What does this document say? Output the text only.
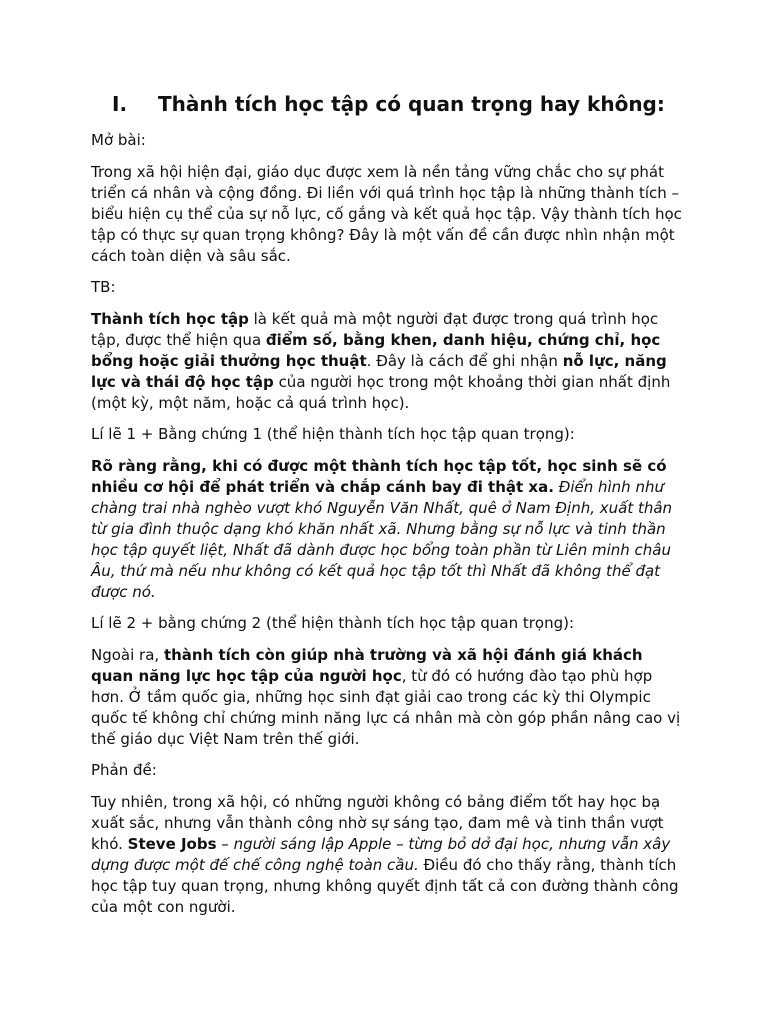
I. Thành tích học tập có quan trọng hay không:

Mở bài:

Trong xã hội hiện đại, giáo dục được xem là nền tảng vững chắc cho sự phát triển cá nhân và cộng đồng. Đi liền với quá trình học tập là những thành tích – biểu hiện cụ thể của sự nỗ lực, cố gắng và kết quả học tập. Vậy thành tích học tập có thực sự quan trọng không? Đây là một vấn đề cần được nhìn nhận một cách toàn diện và sâu sắc.

TB:

Thành tích học tập là kết quả mà một người đạt được trong quá trình học tập, được thể hiện qua điểm số, bằng khen, danh hiệu, chứng chỉ, học bổng hoặc giải thưởng học thuật. Đây là cách để ghi nhận nỗ lực, năng lực và thái độ học tập của người học trong một khoảng thời gian nhất định (một kỳ, một năm, hoặc cả quá trình học).

Lí lẽ 1 + Bằng chứng 1 (thể hiện thành tích học tập quan trọng):

Rõ ràng rằng, khi có được một thành tích học tập tốt, học sinh sẽ có nhiều cơ hội để phát triển và chắp cánh bay đi thật xa. Điển hình như chàng trai nhà nghèo vượt khó Nguyễn Văn Nhất, quê ở Nam Định, xuất thân từ gia đình thuộc dạng khó khăn nhất xã. Nhưng bằng sự nỗ lực và tinh thần học tập quyết liệt, Nhất đã dành được học bổng toàn phần từ Liên minh châu Âu, thứ mà nếu như không có kết quả học tập tốt thì Nhất đã không thể đạt được nó.

Lí lẽ 2 + bằng chứng 2 (thể hiện thành tích học tập quan trọng):

Ngoài ra, thành tích còn giúp nhà trường và xã hội đánh giá khách quan năng lực học tập của người học, từ đó có hướng đào tạo phù hợp hơn. Ở tầm quốc gia, những học sinh đạt giải cao trong các kỳ thi Olympic quốc tế không chỉ chứng minh năng lực cá nhân mà còn góp phần nâng cao vị thế giáo dục Việt Nam trên thế giới.

Phản đề:

Tuy nhiên, trong xã hội, có những người không có bảng điểm tốt hay học bạ xuất sắc, nhưng vẫn thành công nhờ sự sáng tạo, đam mê và tinh thần vượt khó. Steve Jobs – người sáng lập Apple – từng bỏ dở đại học, nhưng vẫn xây dựng được một đế chế công nghệ toàn cầu. Điều đó cho thấy rằng, thành tích học tập tuy quan trọng, nhưng không quyết định tất cả con đường thành công của một con người.
